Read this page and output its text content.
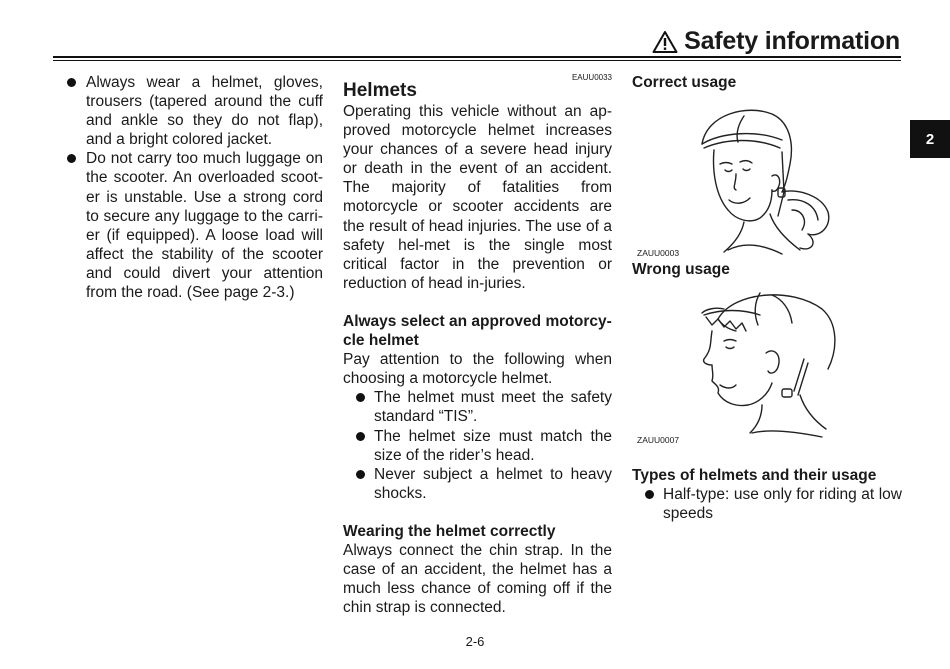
Safety information
2
Always wear a helmet, gloves, trousers (tapered around the cuff and ankle so they do not flap), and a bright colored jacket.
Do not carry too much luggage on the scooter. An overloaded scoot-er is unstable. Use a strong cord to secure any luggage to the carri-er (if equipped). A loose load will affect the stability of the scooter and could divert your attention from the road. (See page 2-3.)
EAUU0033
Helmets
Operating this vehicle without an ap-proved motorcycle helmet increases your chances of a severe head injury or death in the event of an accident. The majority of fatalities from motorcycle or scooter accidents are the result of head injuries. The use of a safety hel-met is the single most critical factor in the prevention or reduction of head in-juries.
Always select an approved motorcy-cle helmet
Pay attention to the following when choosing a motorcycle helmet.
The helmet must meet the safety standard “TIS”.
The helmet size must match the size of the rider’s head.
Never subject a helmet to heavy shocks.
Wearing the helmet correctly
Always connect the chin strap. In the case of an accident, the helmet has a much less chance of coming off if the chin strap is connected.
Correct usage
ZAUU0003
Wrong usage
ZAUU0007
Types of helmets and their usage
Half-type: use only for riding at low speeds
2-6
